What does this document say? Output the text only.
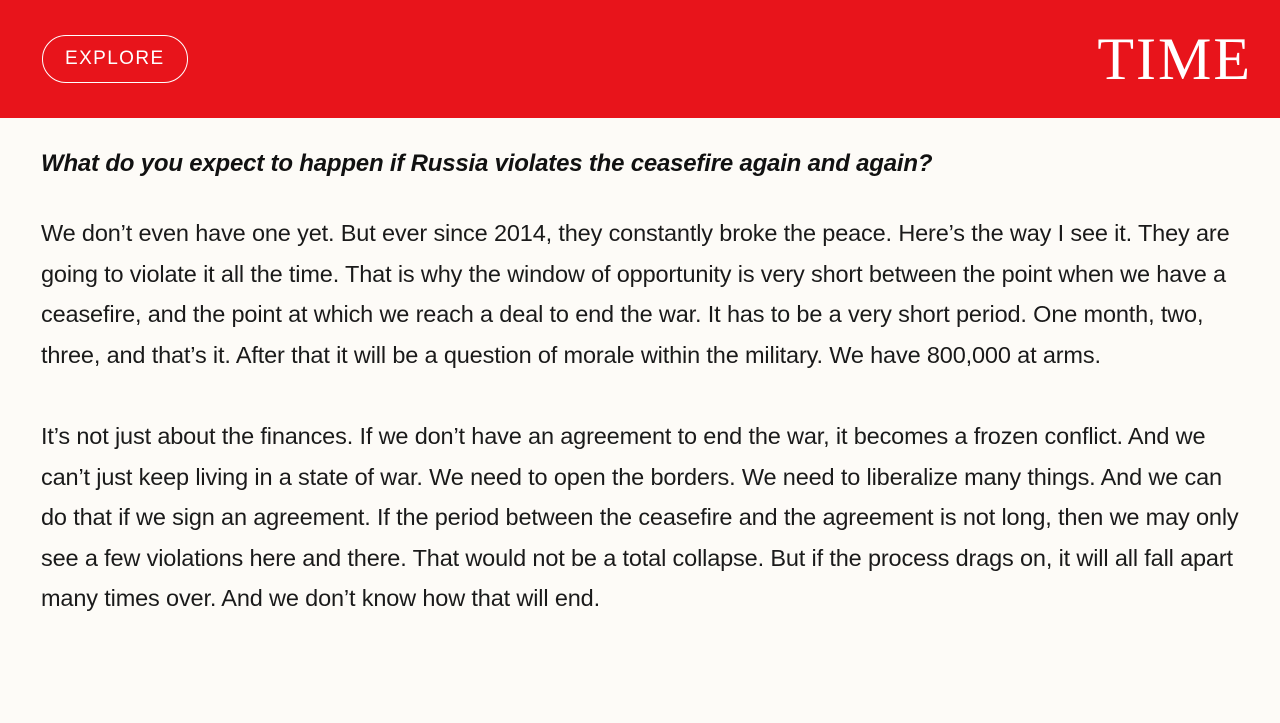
EXPLORE	TIME
What do you expect to happen if Russia violates the ceasefire again and again?

We don’t even have one yet. But ever since 2014, they constantly broke the peace. Here’s the way I see it. They are going to violate it all the time. That is why the window of opportunity is very short between the point when we have a ceasefire, and the point at which we reach a deal to end the war. It has to be a very short period. One month, two, three, and that’s it. After that it will be a question of morale within the military. We have 800,000 at arms.

It’s not just about the finances. If we don’t have an agreement to end the war, it becomes a frozen conflict. And we can’t just keep living in a state of war. We need to open the borders. We need to liberalize many things. And we can do that if we sign an agreement. If the period between the ceasefire and the agreement is not long, then we may only see a few violations here and there. That would not be a total collapse. But if the process drags on, it will all fall apart many times over. And we don’t know how that will end.
